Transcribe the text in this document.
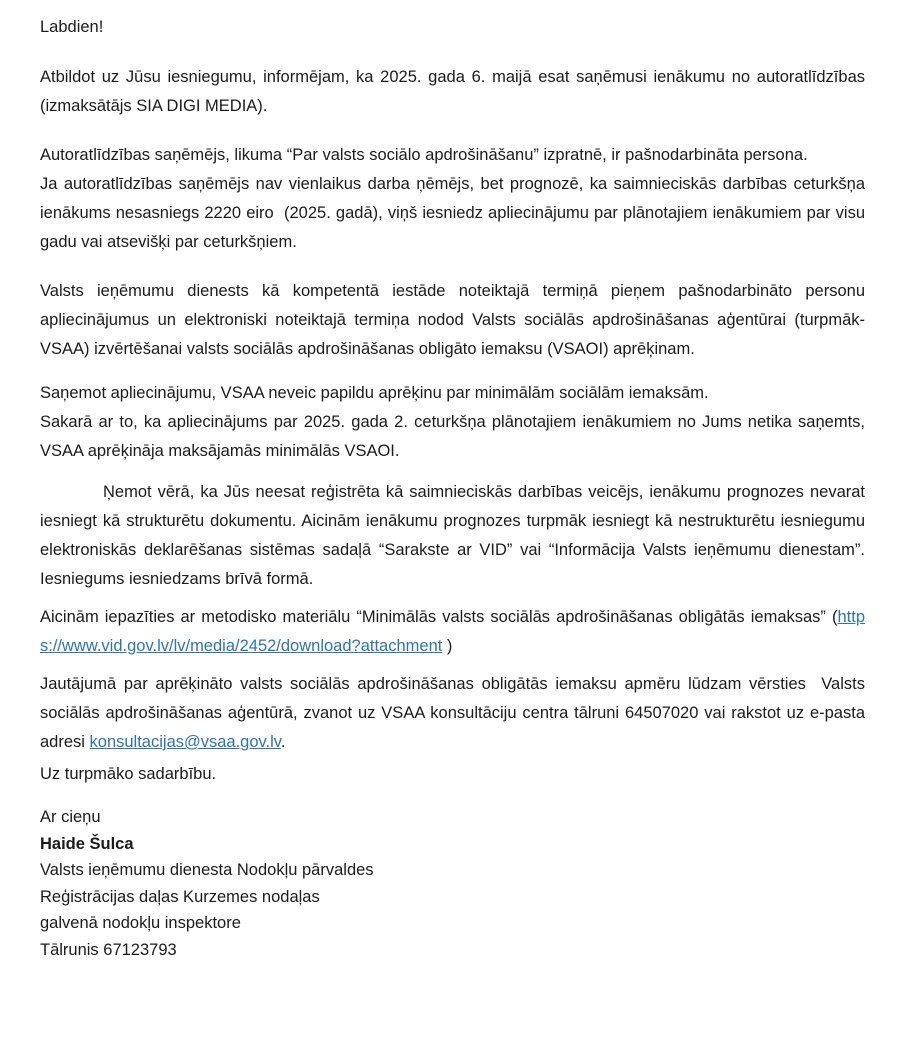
Labdien!

Atbildot uz Jūsu iesniegumu, informējam, ka 2025. gada 6. maijā esat saņēmusi ienākumu no autoratlīdzības (izmaksātājs SIA DIGI MEDIA).

Autoratlīdzības saņēmējs, likuma “Par valsts sociālo apdrošināšanu” izpratnē, ir pašnodarbināta persona.

Ja autoratlīdzības saņēmējs nav vienlaikus darba ņēmējs, bet prognozē, ka saimnieciskās darbības ceturkšņa ienākums nesasniegs 2220 eiro  (2025. gadā), viņš iesniedz apliecinājumu par plānotajiem ienākumiem par visu gadu vai atsevišķi par ceturkšņiem.

Valsts ieņēmumu dienests kā kompetentā iestāde noteiktajā termiņā pieņem pašnodarbināto personu apliecinājumus un elektroniski noteiktajā termiņa nodod Valsts sociālās apdrošināšanas aģentūrai (turpmāk- VSAA) izvērtēšanai valsts sociālās apdrošināšanas obligāto iemaksu (VSAOI) aprēķinam.

Saņemot apliecinājumu, VSAA neveic papildu aprēķinu par minimālām sociālām iemaksām.

Sakarā ar to, ka apliecinājums par 2025. gada 2. ceturkšņa plānotajiem ienākumiem no Jums netika saņemts, VSAA aprēķināja maksājamās minimālās VSAOI.

Ņemot vērā, ka Jūs neesat reģistrēta kā saimnieciskās darbības veicējs, ienākumu prognozes nevarat iesniegt kā strukturētu dokumentu. Aicinām ienākumu prognozes turpmāk iesniegt kā nestrukturētu iesniegumu elektroniskās deklarēšanas sistēmas sadaļā “Sarakste ar VID” vai “Informācija Valsts ieņēmumu dienestam”. Iesniegums iesniedzams brīvā formā.

Aicinām iepazīties ar metodisko materiālu “Minimālās valsts sociālās apdrošināšanas obligātās iemaksas” (https://www.vid.gov.lv/lv/media/2452/download?attachment )

Jautājumā par aprēķināto valsts sociālās apdrošināšanas obligātās iemaksu apmēru lūdzam vērsties  Valsts sociālās apdrošināšanas aģentūrā, zvanot uz VSAA konsultāciju centra tālruni 64507020 vai rakstot uz e-pasta adresi konsultacijas@vsaa.gov.lv.

Uz turpmāko sadarbību.

Ar cieņu
Haide Šulca
Valsts ieņēmumu dienesta Nodokļu pārvaldes
Reģistrācijas daļas Kurzemes nodaļas
galvenā nodokļu inspektore
Tālrunis 67123793
